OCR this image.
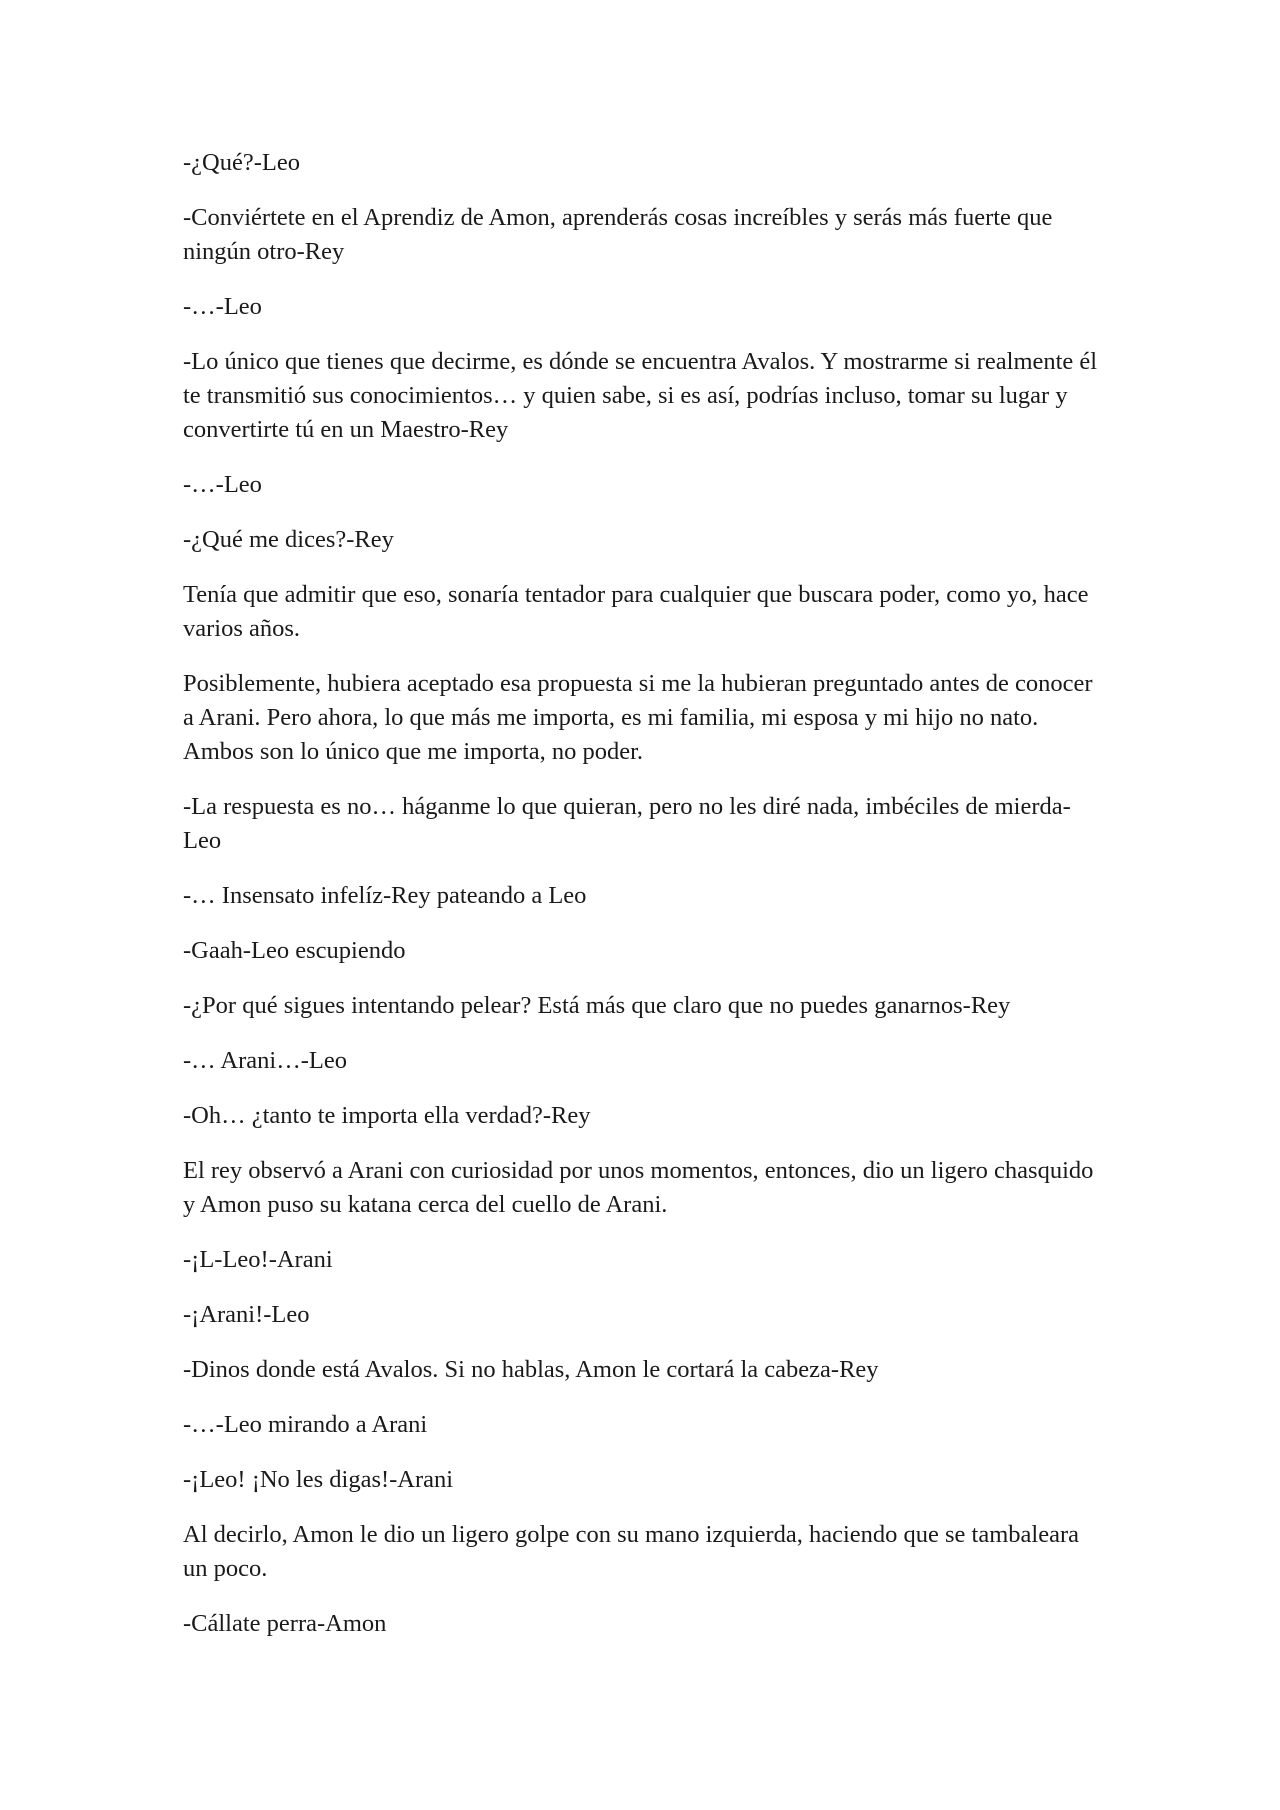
-¿Qué?-Leo

-Conviértete en el Aprendiz de Amon, aprenderás cosas increíbles y serás más fuerte que ningún otro-Rey

-…-Leo

-Lo único que tienes que decirme, es dónde se encuentra Avalos. Y mostrarme si realmente él te transmitió sus conocimientos… y quien sabe, si es así, podrías incluso, tomar su lugar y convertirte tú en un Maestro-Rey

-…-Leo

-¿Qué me dices?-Rey

Tenía que admitir que eso, sonaría tentador para cualquier que buscara poder, como yo, hace varios años.

Posiblemente, hubiera aceptado esa propuesta si me la hubieran preguntado antes de conocer a Arani. Pero ahora, lo que más me importa, es mi familia, mi esposa y mi hijo no nato. Ambos son lo único que me importa, no poder.

-La respuesta es no… háganme lo que quieran, pero no les diré nada, imbéciles de mierda-Leo

-… Insensato infelíz-Rey pateando a Leo

-Gaah-Leo escupiendo

-¿Por qué sigues intentando pelear? Está más que claro que no puedes ganarnos-Rey

-… Arani…-Leo

-Oh… ¿tanto te importa ella verdad?-Rey

El rey observó a Arani con curiosidad por unos momentos, entonces, dio un ligero chasquido y Amon puso su katana cerca del cuello de Arani.

-¡L-Leo!-Arani

-¡Arani!-Leo

-Dinos donde está Avalos. Si no hablas, Amon le cortará la cabeza-Rey

-…-Leo mirando a Arani

-¡Leo! ¡No les digas!-Arani

Al decirlo, Amon le dio un ligero golpe con su mano izquierda, haciendo que se tambaleara un poco.

-Cállate perra-Amon
